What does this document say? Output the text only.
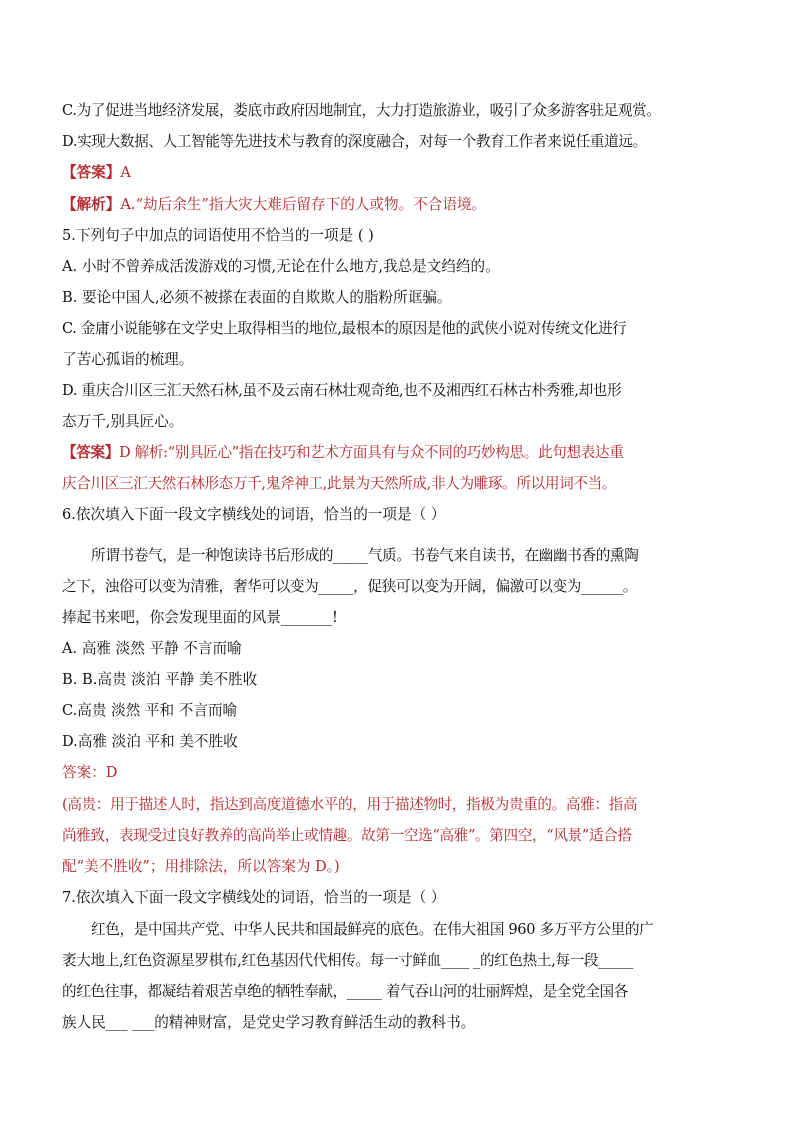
C.为了促进当地经济发展，娄底市政府因地制宜，大力打造旅游业，吸引了众多游客驻足观赏。
D.实现大数据、人工智能等先进技术与教育的深度融合，对每一个教育工作者来说任重道远。
【答案】A
【解析】A.“劫后余生”指大灾大难后留存下的人或物。不合语境。
5.下列句子中加点的词语使用不恰当的一项是 ( )
A. 小时不曾养成活泼游戏的习惯,无论在什么地方,我总是文绉绉的。
B. 要论中国人,必须不被搽在表面的自欺欺人的脂粉所诓骗。
C. 金庸小说能够在文学史上取得相当的地位,最根本的原因是他的武侠小说对传统文化进行
了苦心孤诣的梳理。
D. 重庆合川区三汇天然石林,虽不及云南石林壮观奇绝,也不及湘西红石林古朴秀雅,却也形
态万千,别具匠心。
【答案】D 解析:“别具匠心”指在技巧和艺术方面具有与众不同的巧妙构思。此句想表达重
庆合川区三汇天然石林形态万千,鬼斧神工,此景为天然所成,非人为雕琢。所以用词不当。
6.依次填入下面一段文字横线处的词语，恰当的一项是（ ）
所谓书卷气，是一种饱读诗书后形成的_____气质。书卷气来自读书，在幽幽书香的熏陶
之下，浊俗可以变为清雅，奢华可以变为_____，促狭可以变为开阔，偏激可以变为______。
捧起书来吧，你会发现里面的风景_______!
A. 高雅 淡然 平静 不言而喻
B. B.高贵 淡泊 平静 美不胜收
C.高贵 淡然 平和 不言而喻
D.高雅 淡泊 平和 美不胜收
答案：D
(高贵：用于描述人时，指达到高度道德水平的，用于描述物时，指极为贵重的。高雅：指高
尚雅致，表现受过良好教养的高尚举止或情趣。故第一空选“高雅”。第四空，“风景”适合搭
配“美不胜收”；用排除法，所以答案为 D。)
7.依次填入下面一段文字横线处的词语，恰当的一项是（ ）
红色，是中国共产党、中华人民共和国最鲜亮的底色。在伟大祖国 960 多万平方公里的广
袤大地上,红色资源星罗棋布,红色基因代代相传。每一寸鲜血____ _的红色热土,每一段_____
的红色往事，都凝结着艰苦卓绝的牺牲奉献，_____ 着气吞山河的壮丽辉煌，是全党全国各
族人民___ ___的精神财富，是党史学习教育鲜活生动的教科书。
